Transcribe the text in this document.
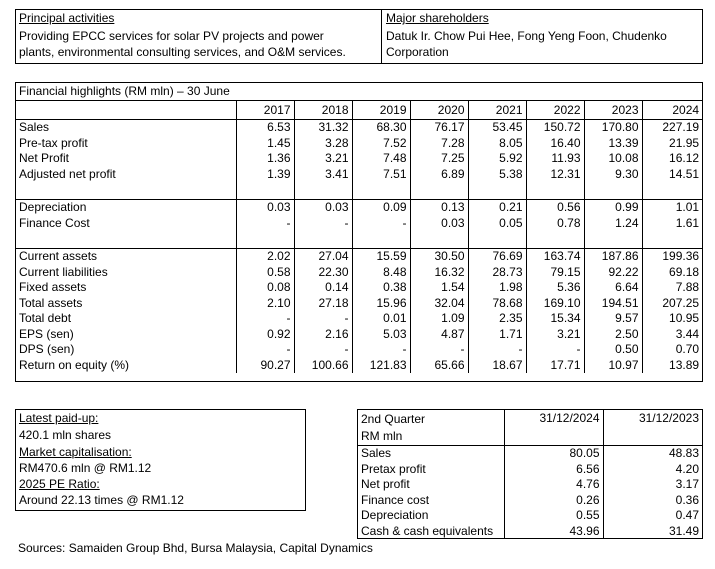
Principal activities
Providing EPCC services for solar PV projects and power
plants, environmental consulting services, and O&M services.
Major shareholders
Datuk Ir. Chow Pui Hee, Fong Yeng Foon, Chudenko
Corporation
Financial highlights (RM mln) – 30 June								
	2017	2018	2019	2020	2021	2022	2023	2024
Sales	6.53	31.32	68.30	76.17	53.45	150.72	170.80	227.19
Pre-tax profit	1.45	3.28	7.52	7.28	8.05	16.40	13.39	21.95
Net Profit	1.36	3.21	7.48	7.25	5.92	11.93	10.08	16.12
Adjusted net profit	1.39	3.41	7.51	6.89	5.38	12.31	9.30	14.51

Depreciation	0.03	0.03	0.09	0.13	0.21	0.56	0.99	1.01
Finance Cost	-	-	-	0.03	0.05	0.78	1.24	1.61

Current assets	2.02	27.04	15.59	30.50	76.69	163.74	187.86	199.36
Current liabilities	0.58	22.30	8.48	16.32	28.73	79.15	92.22	69.18
Fixed assets	0.08	0.14	0.38	1.54	1.98	5.36	6.64	7.88
Total assets	2.10	27.18	15.96	32.04	78.68	169.10	194.51	207.25
Total debt	-	-	0.01	1.09	2.35	15.34	9.57	10.95
EPS (sen)	0.92	2.16	5.03	4.87	1.71	3.21	2.50	3.44
DPS (sen)	-	-	-	-	-	-	0.50	0.70
Return on equity (%)	90.27	100.66	121.83	65.66	18.67	17.71	10.97	13.89
Latest paid-up:
420.1 mln shares
Market capitalisation:
RM470.6 mln @ RM1.12
2025 PE Ratio:
Around 22.13 times @ RM1.12
2nd Quarter	31/12/2024	31/12/2023
RM mln		
Sales	80.05	48.83
Pretax profit	6.56	4.20
Net profit	4.76	3.17
Finance cost	0.26	0.36
Depreciation	0.55	0.47
Cash & cash equivalents	43.96	31.49
Sources: Samaiden Group Bhd, Bursa Malaysia, Capital Dynamics
